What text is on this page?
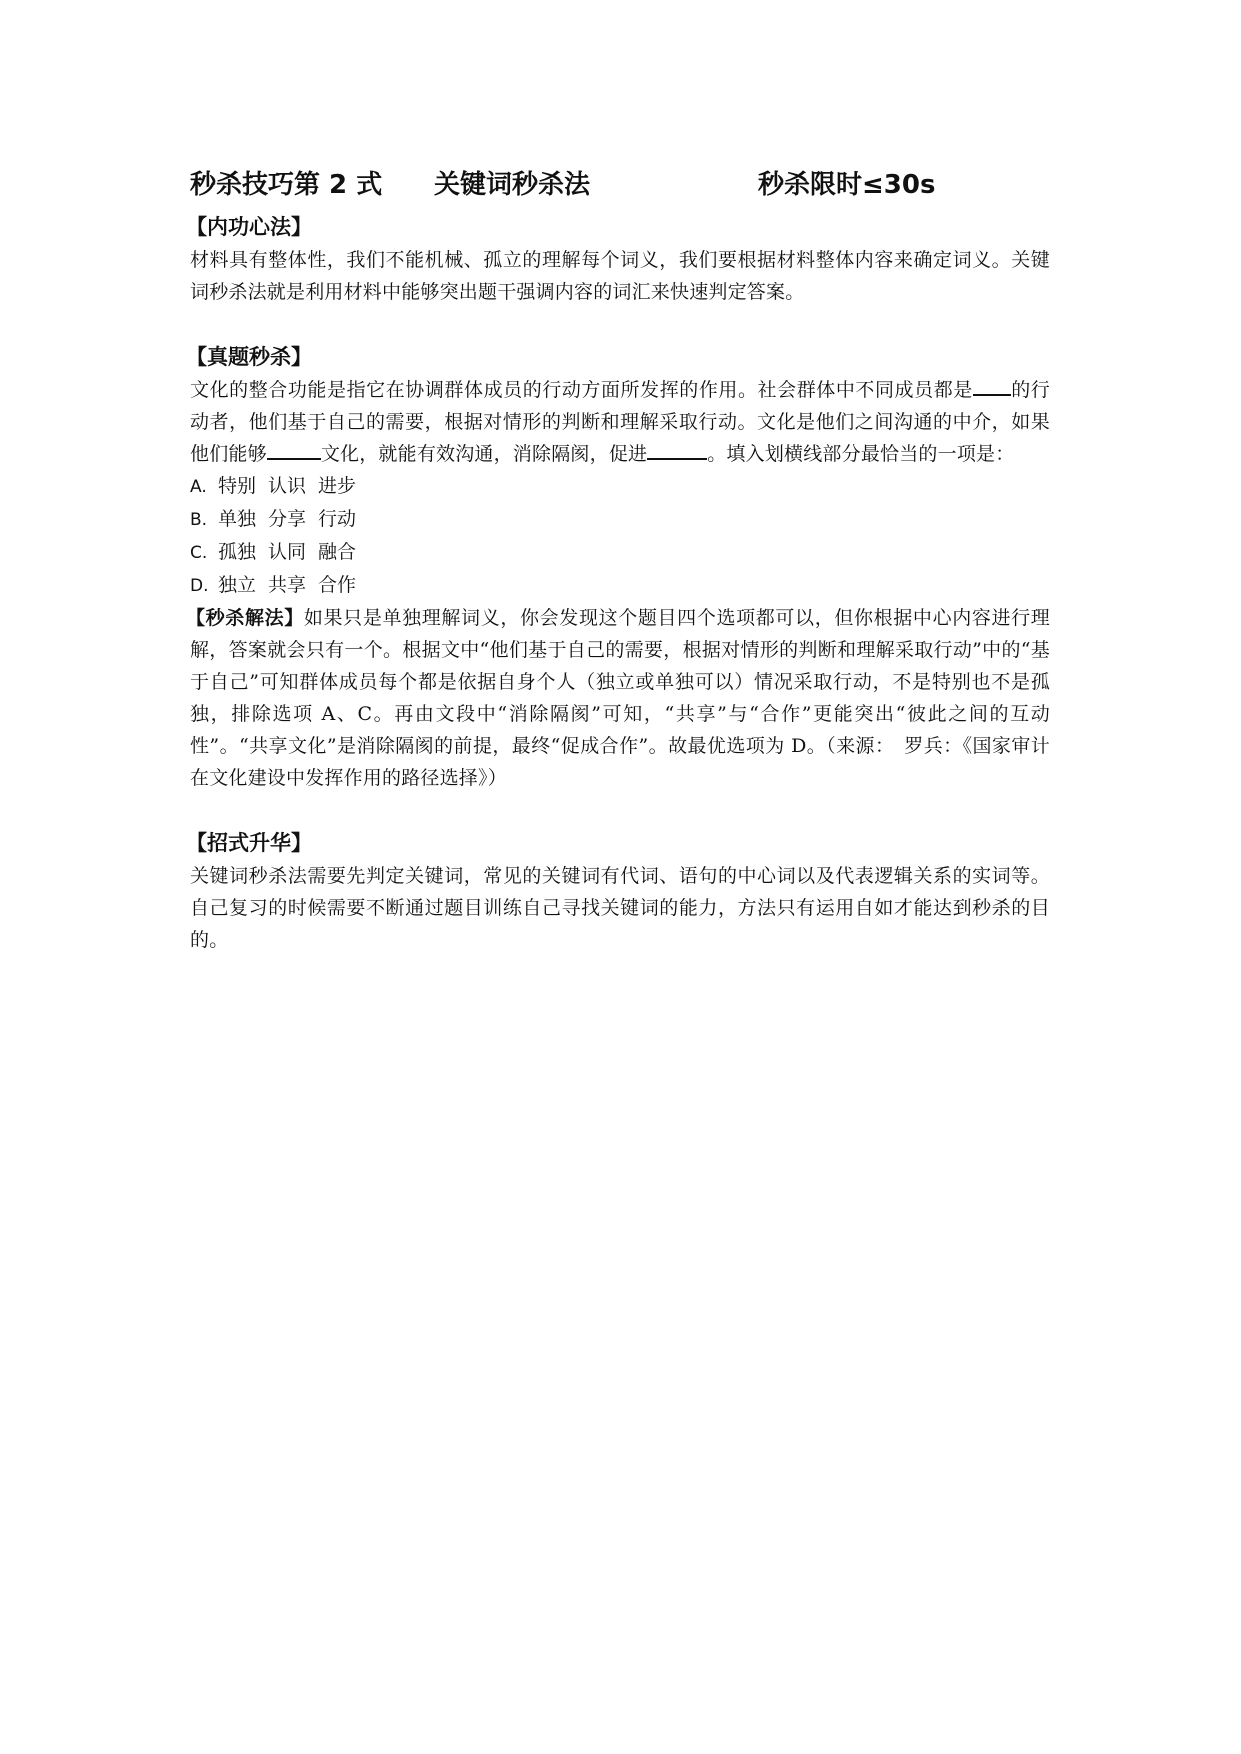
秒杀技巧第 2 式 关键词秒杀法	秒杀限时≤30s

【内功心法】

材料具有整体性，我们不能机械、孤立的理解每个词义，我们要根据材料整体内容来确定词义。关键词秒杀法就是利用材料中能够突出题干强调内容的词汇来快速判定答案。

【真题秒杀】

文化的整合功能是指它在协调群体成员的行动方面所发挥的作用。社会群体中不同成员都是 的行动者，他们基于自己的需要，根据对情形的判断和理解采取行动。文化是他们之间沟通的中介，如果他们能够	文化，就能有效沟通，消除隔阂，促进	。填入划横线部分最恰当的一项是：

A. 特别 认识 进步

B. 单独 分享 行动

C. 孤独 认同 融合

D. 独立 共享 合作

【秒杀解法】如果只是单独理解词义，你会发现这个题目四个选项都可以，但你根据中心内容进行理解，答案就会只有一个。根据文中“他们基于自己的需要，根据对情形的判断和理解采取行动”中的“基于自己”可知群体成员每个都是依据自身个人（独立或单独可以）情况采取行动，不是特别也不是孤独，排除选项 A、C。再由文段中“消除隔阂”可知，“共享”与“合作”更能突出“彼此之间的互动性”。“共享文化”是消除隔阂的前提，最终“促成合作”。故最优选项为 D。（来源：　罗兵：《国家审计在文化建设中发挥作用的路径选择》）

【招式升华】

关键词秒杀法需要先判定关键词，常见的关键词有代词、语句的中心词以及代表逻辑关系的实词等。自己复习的时候需要不断通过题目训练自己寻找关键词的能力，方法只有运用自如才能达到秒杀的目的。
